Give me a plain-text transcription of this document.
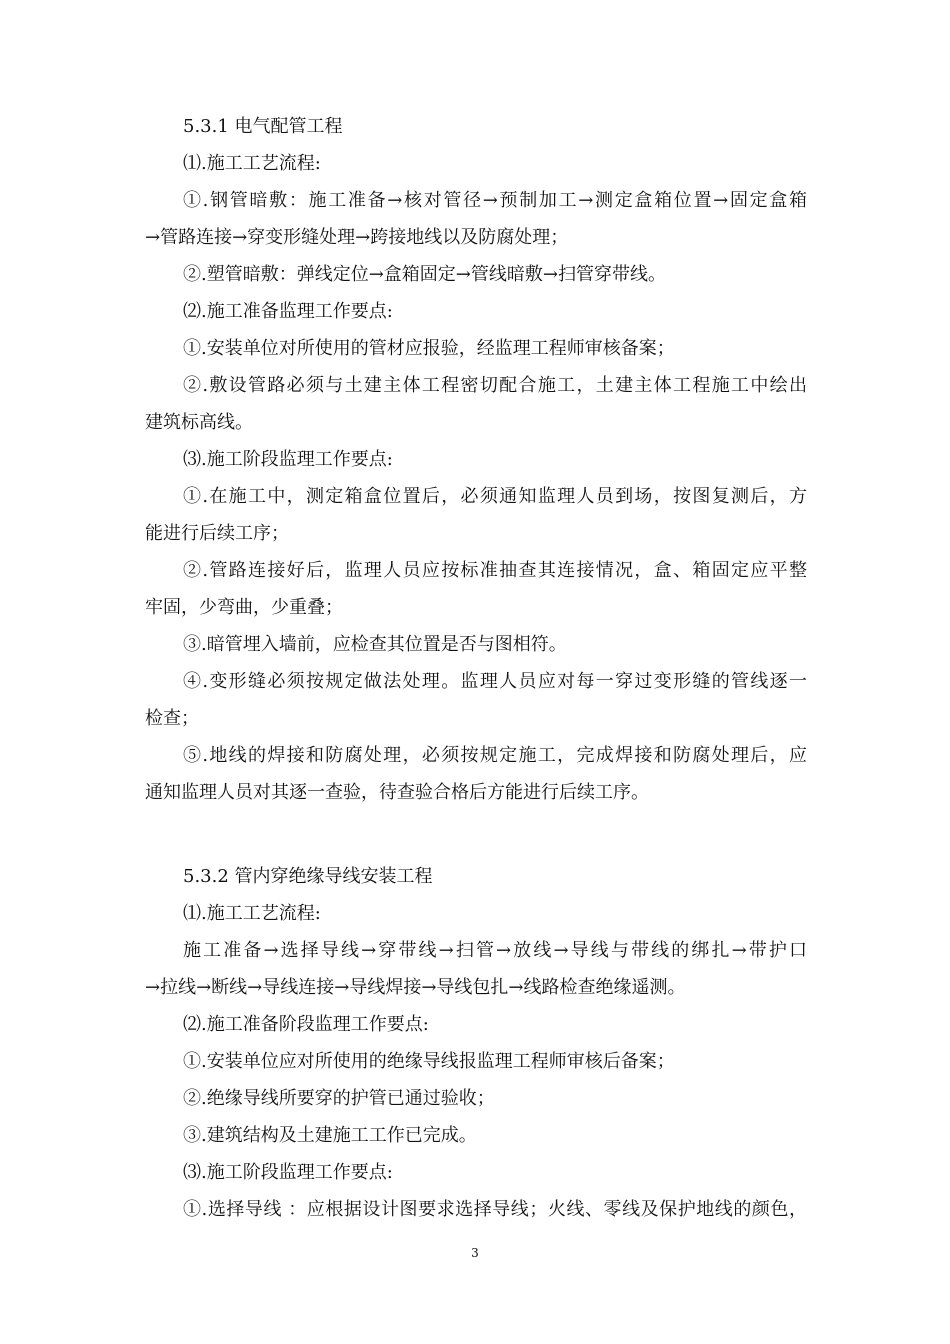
5.3.1 电气配管工程
⑴.施工工艺流程:
①.钢管暗敷：施工准备→核对管径→预制加工→测定盒箱位置→固定盒箱
→管路连接→穿变形缝处理→跨接地线以及防腐处理；
②.塑管暗敷：弹线定位→盒箱固定→管线暗敷→扫管穿带线。
⑵.施工准备监理工作要点:
①.安装单位对所使用的管材应报验，经监理工程师审核备案；
②.敷设管路必须与土建主体工程密切配合施工，土建主体工程施工中绘出
建筑标高线。
⑶.施工阶段监理工作要点:
①.在施工中，测定箱盒位置后，必须通知监理人员到场，按图复测后，方
能进行后续工序；
②.管路连接好后，监理人员应按标准抽查其连接情况，盒、箱固定应平整
牢固，少弯曲，少重叠；
③.暗管埋入墙前，应检查其位置是否与图相符。
④.变形缝必须按规定做法处理。监理人员应对每一穿过变形缝的管线逐一
检查；
⑤.地线的焊接和防腐处理，必须按规定施工，完成焊接和防腐处理后，应
通知监理人员对其逐一查验，待查验合格后方能进行后续工序。
5.3.2 管内穿绝缘导线安装工程
⑴.施工工艺流程:
施工准备→选择导线→穿带线→扫管→放线→导线与带线的绑扎→带护口
→拉线→断线→导线连接→导线焊接→导线包扎→线路检查绝缘遥测。
⑵.施工准备阶段监理工作要点:
①.安装单位应对所使用的绝缘导线报监理工程师审核后备案；
②.绝缘导线所要穿的护管已通过验收；
③.建筑结构及土建施工工作已完成。
⑶.施工阶段监理工作要点:
①.选择导线 ：应根据设计图要求选择导线；火线、零线及保护地线的颜色，
3
